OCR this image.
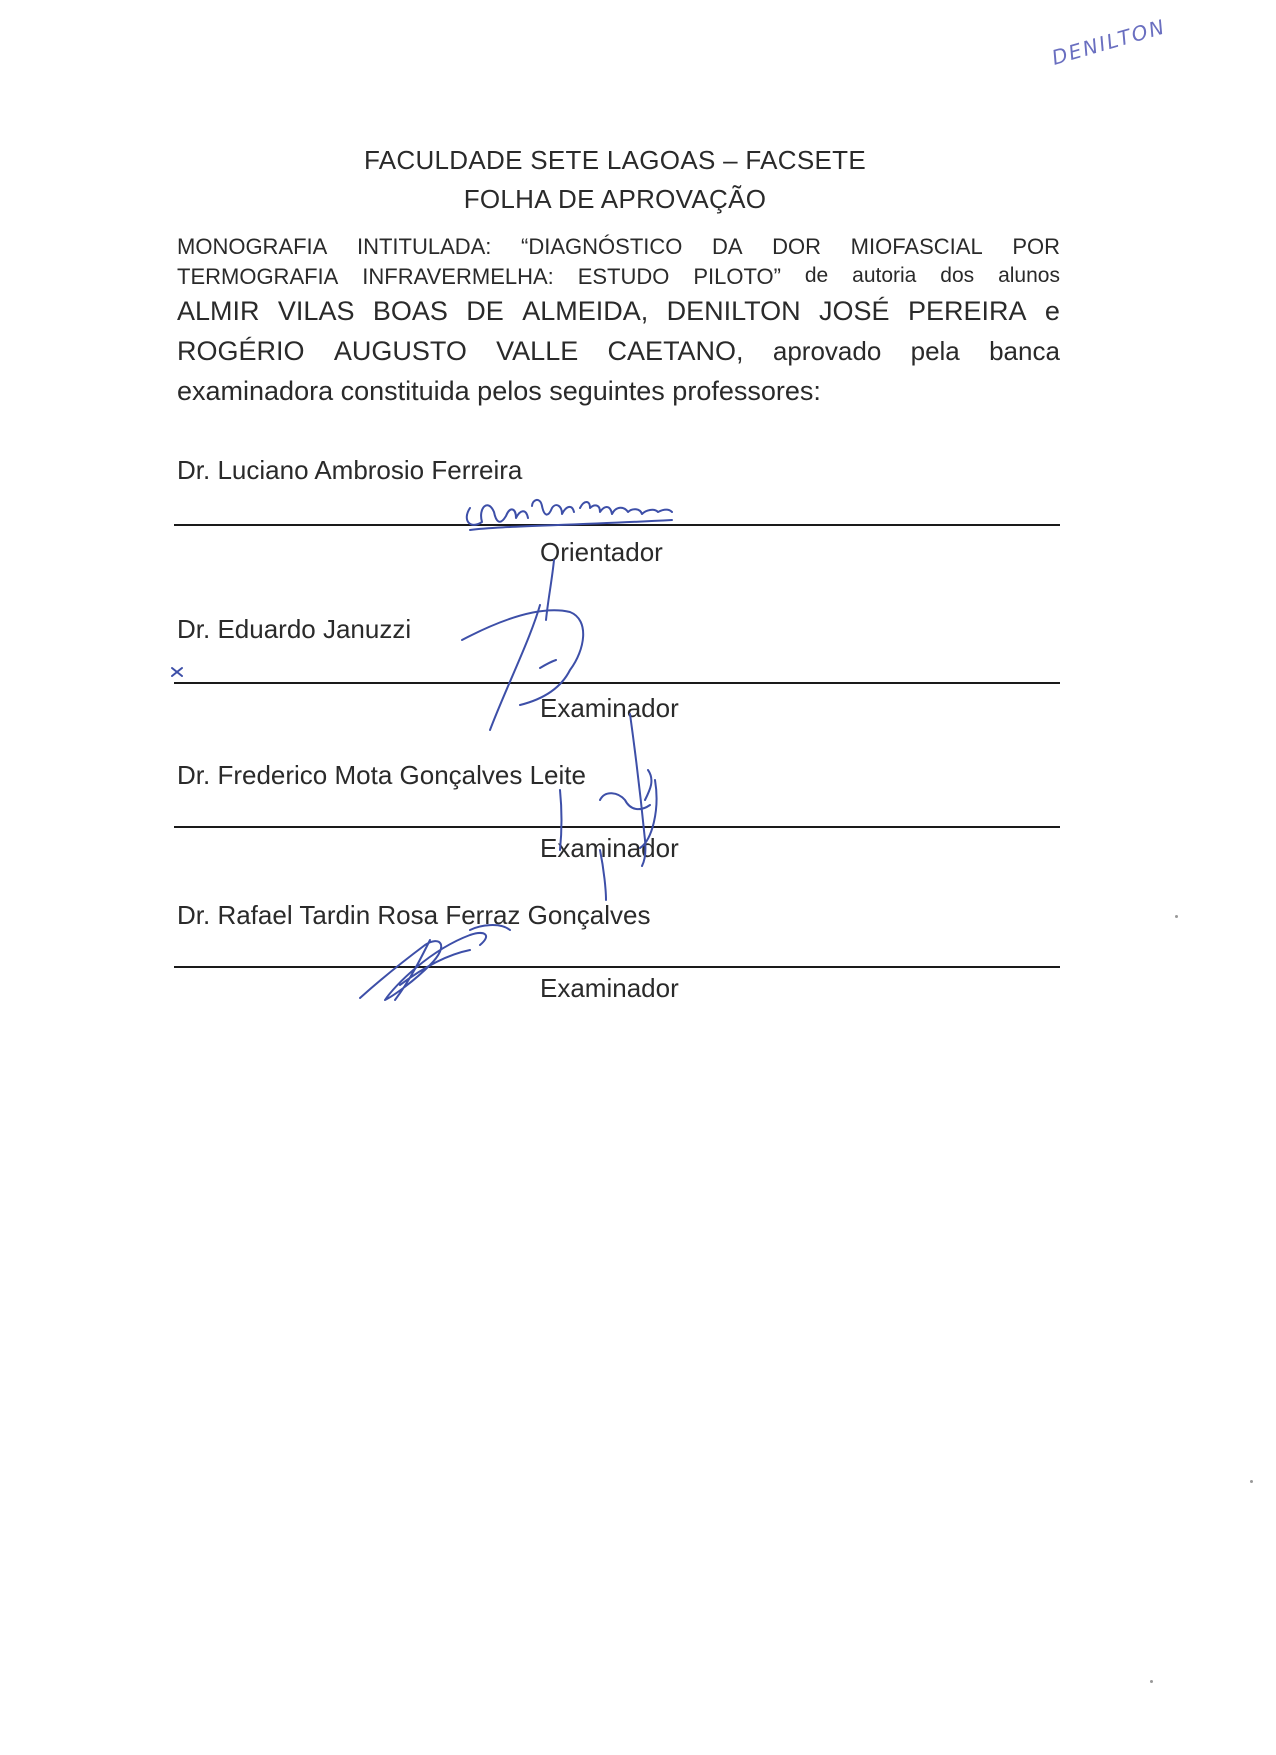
DENILTON
FACULDADE SETE LAGOAS – FACSETE
FOLHA DE APROVAÇÃO
MONOGRAFIA INTITULADA: “DIAGNÓSTICO DA DOR MIOFASCIAL POR
TERMOGRAFIA INFRAVERMELHA: ESTUDO PILOTO” de autoria dos alunos
ALMIR VILAS BOAS DE ALMEIDA, DENILTON JOSÉ PEREIRA e
ROGÉRIO AUGUSTO VALLE CAETANO, aprovado pela banca
examinadora constituida pelos seguintes professores:
Dr. Luciano Ambrosio Ferreira
Orientador
Dr. Eduardo Januzzi
Examinador
Dr. Frederico Mota Gonçalves Leite
Examinador
Dr. Rafael Tardin Rosa Ferraz Gonçalves
Examinador
